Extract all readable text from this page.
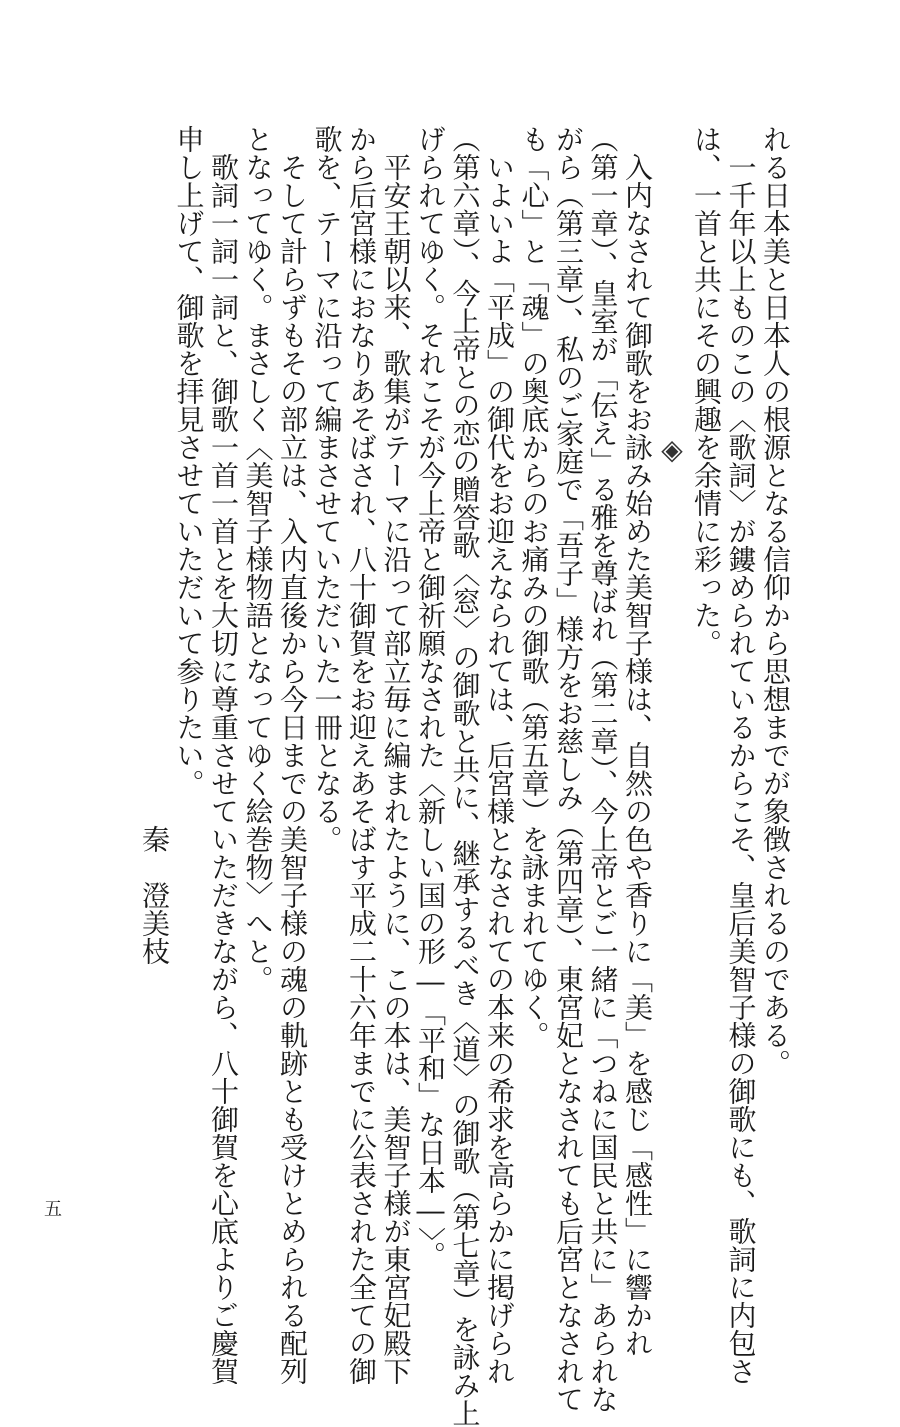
れる日本美と日本人の根源となる信仰から思想までが象徴されるのである。
　一千年以上ものこの〈歌詞〉が鏤められているからこそ、皇后美智子様の御歌にも、歌詞に内包さ
は、一首と共にその興趣を余情に彩った。
　　　　　　　　　　　◈
　入内なされて御歌をお詠み始めた美智子様は、自然の色や香りに「美」を感じ「感性」に響かれ
（第一章）、皇室が「伝え」る雅を尊ばれ（第二章）、今上帝とご一緒に「つねに国民と共に」あられな
がら（第三章）、私のご家庭で「吾子」様方をお慈しみ（第四章）、東宮妃となされても后宮となされて
も「心」と「魂」の奥底からのお痛みの御歌（第五章）を詠まれてゆく。
　いよいよ「平成」の御代をお迎えなられては、后宮様となされての本来の希求を高らかに掲げられ
（第六章）、今上帝との恋の贈答歌〈窓〉の御歌と共に、継承するべき〈道〉の御歌（第七章）を詠み上
げられてゆく。それこそが今上帝と御祈願なされた〈新しい国の形―「平和」な日本―〉。
　平安王朝以来、歌集がテーマに沿って部立毎に編まれたように、この本は、美智子様が東宮妃殿下
から后宮様におなりあそばされ、八十御賀をお迎えあそばす平成二十六年までに公表された全ての御
歌を、テーマに沿って編まさせていただいた一冊となる。
　そして計らずもその部立は、入内直後から今日までの美智子様の魂の軌跡とも受けとめられる配列
となってゆく。まさしく〈美智子様物語となってゆく絵巻物〉へと。
　歌詞一詞一詞と、御歌一首一首とを大切に尊重させていただきながら、八十御賀を心底よりご慶賀
申し上げて、御歌を拝見させていただいて参りたい。
　　　　　　　　　　　　　　　　　　　　　　　　　秦　澄美枝
五
